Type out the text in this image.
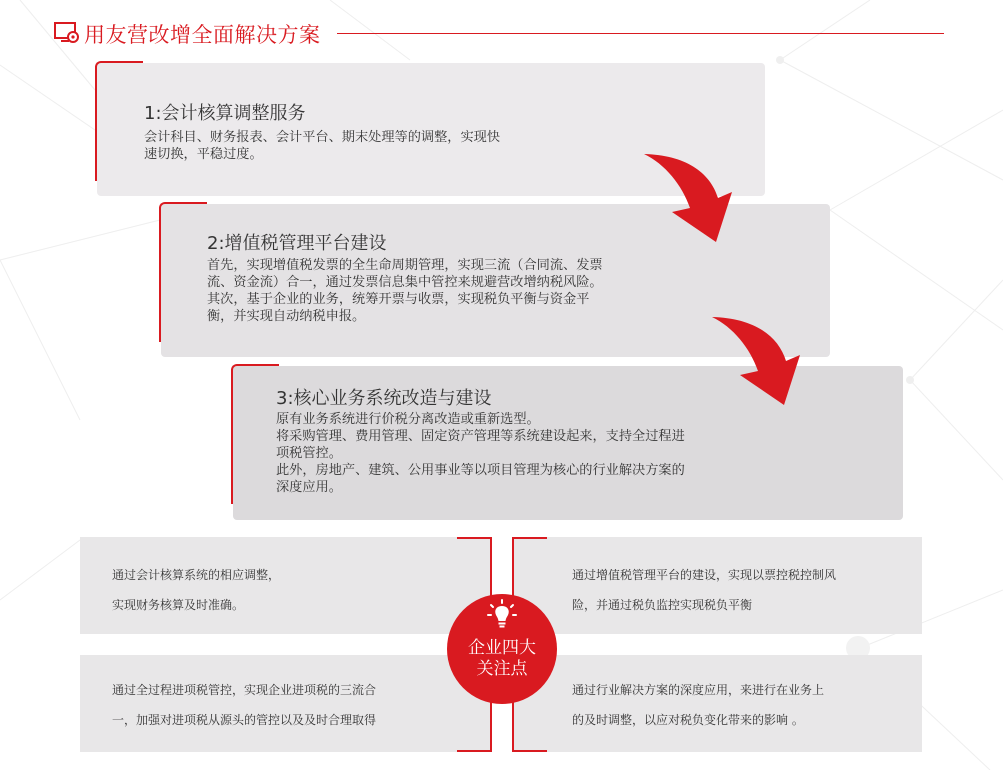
用友营改增全面解决方案
1:会计核算调整服务
会计科目、财务报表、会计平台、期末处理等的调整，实现快
速切换，平稳过度。
2:增值税管理平台建设
首先，实现增值税发票的全生命周期管理，实现三流（合同流、发票
流、资金流）合一，通过发票信息集中管控来规避营改增纳税风险。
其次，基于企业的业务，统筹开票与收票，实现税负平衡与资金平
衡，并实现自动纳税申报。
3:核心业务系统改造与建设
原有业务系统进行价税分离改造或重新选型。
将采购管理、费用管理、固定资产管理等系统建设起来，支持全过程进
项税管控。
此外，房地产、建筑、公用事业等以项目管理为核心的行业解决方案的
深度应用。
通过会计核算系统的相应调整，
实现财务核算及时准确。
通过增值税管理平台的建设，实现以票控税控制风
险，并通过税负监控实现税负平衡
通过全过程进项税管控，实现企业进项税的三流合
一，加强对进项税从源头的管控以及及时合理取得
通过行业解决方案的深度应用，来进行在业务上
的及时调整，以应对税负变化带来的影响 。
企业四大
关注点
